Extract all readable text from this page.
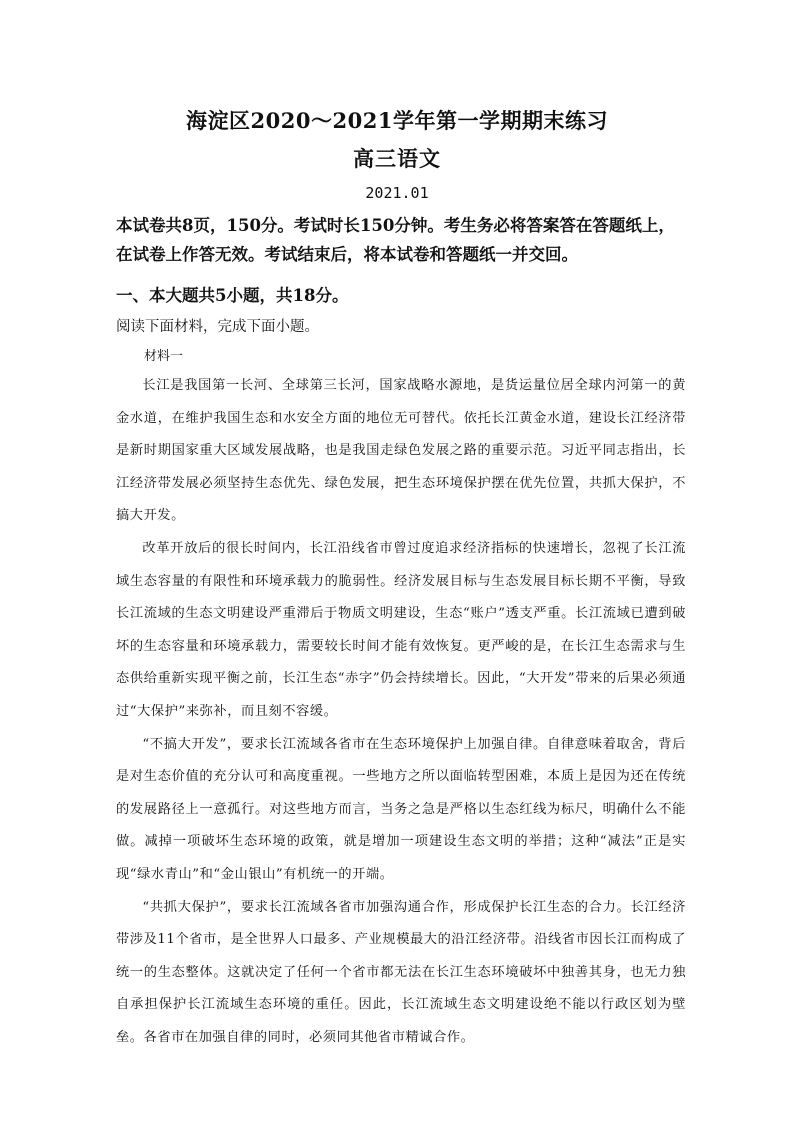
海淀区2020～2021学年第一学期期末练习
高三语文
2021.01
本试卷共8页，150分。考试时长150分钟。考生务必将答案答在答题纸上，在试卷上作答无效。考试结束后，将本试卷和答题纸一并交回。
一、本大题共5小题，共18分。
阅读下面材料，完成下面小题。
材料一

长江是我国第一长河、全球第三长河，国家战略水源地，是货运量位居全球内河第一的黄金水道，在维护我国生态和水安全方面的地位无可替代。依托长江黄金水道，建设长江经济带是新时期国家重大区域发展战略，也是我国走绿色发展之路的重要示范。习近平同志指出，长江经济带发展必须坚持生态优先、绿色发展，把生态环境保护摆在优先位置，共抓大保护，不搞大开发。

改革开放后的很长时间内，长江沿线省市曾过度追求经济指标的快速增长，忽视了长江流域生态容量的有限性和环境承载力的脆弱性。经济发展目标与生态发展目标长期不平衡，导致长江流域的生态文明建设严重滞后于物质文明建设，生态“账户”透支严重。长江流域已遭到破坏的生态容量和环境承载力，需要较长时间才能有效恢复。更严峻的是，在长江生态需求与生态供给重新实现平衡之前，长江生态“赤字”仍会持续增长。因此，“大开发”带来的后果必须通过“大保护”来弥补，而且刻不容缓。

“不搞大开发”，要求长江流域各省市在生态环境保护上加强自律。自律意味着取舍，背后是对生态价值的充分认可和高度重视。一些地方之所以面临转型困难，本质上是因为还在传统的发展路径上一意孤行。对这些地方而言，当务之急是严格以生态红线为标尺，明确什么不能做。减掉一项破坏生态环境的政策，就是增加一项建设生态文明的举措；这种“减法”正是实现“绿水青山”和“金山银山”有机统一的开端。

“共抓大保护”，要求长江流域各省市加强沟通合作，形成保护长江生态的合力。长江经济带涉及11个省市，是全世界人口最多、产业规模最大的沿江经济带。沿线省市因长江而构成了统一的生态整体。这就决定了任何一个省市都无法在长江生态环境破坏中独善其身，也无力独自承担保护长江流域生态环境的重任。因此，长江流域生态文明建设绝不能以行政区划为壁垒。各省市在加强自律的同时，必须同其他省市精诚合作。
